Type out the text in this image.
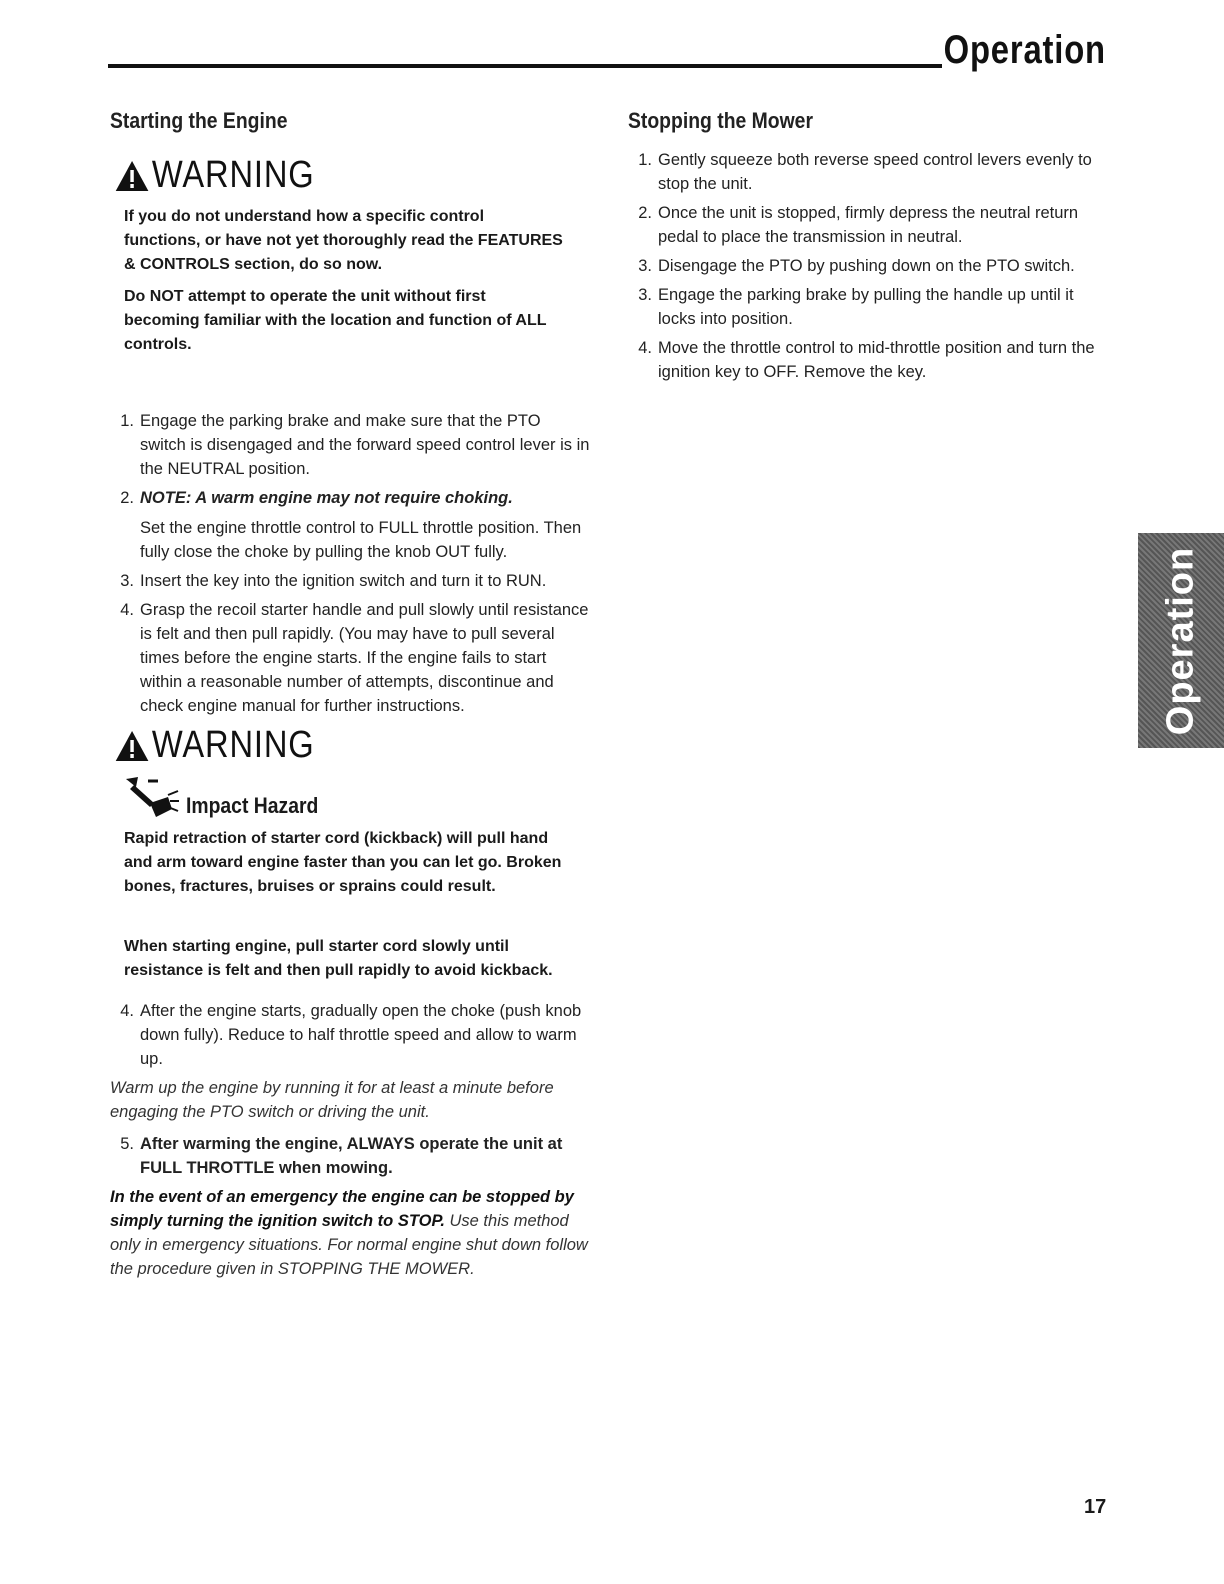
Operation
Starting the Engine
WARNING

If you do not understand how a specific control functions, or have not yet thoroughly read the FEATURES & CONTROLS section, do so now.

Do NOT attempt to operate the unit without first becoming familiar with the location and function of ALL controls.

1. Engage the parking brake and make sure that the PTO switch is disengaged and the forward speed control lever is in the NEUTRAL position.
2. NOTE: A warm engine may not require choking.

Set the engine throttle control to FULL throttle position. Then fully close the choke by pulling the knob OUT fully.

3. Insert the key into the ignition switch and turn it to RUN.
4. Grasp the recoil starter handle and pull slowly until resistance is felt and then pull rapidly. (You may have to pull several times before the engine starts. If the engine fails to start within a reasonable number of attempts, discontinue and check engine manual for further instructions.
WARNING
Impact Hazard

Rapid retraction of starter cord (kickback) will pull hand and arm toward engine faster than you can let go. Broken bones, fractures, bruises or sprains could result.

When starting engine, pull starter cord slowly until resistance is felt and then pull rapidly to avoid kickback.

4. After the engine starts, gradually open the choke (push knob down fully). Reduce to half throttle speed and allow to warm up.

Warm up the engine by running it for at least a minute before engaging the PTO switch or driving the unit.

5. After warming the engine, ALWAYS operate the unit at FULL THROTTLE when mowing.

In the event of an emergency the engine can be stopped by simply turning the ignition switch to STOP. Use this method only in emergency situations. For normal engine shut down follow the procedure given in STOPPING THE MOWER.

Stopping the Mower
1. Gently squeeze both reverse speed control levers evenly to stop the unit.
2. Once the unit is stopped, firmly depress the neutral return pedal to place the transmission in neutral.
3. Disengage the PTO by pushing down on the PTO switch.
3. Engage the parking brake by pulling the handle up until it locks into position.
4. Move the throttle control to mid-throttle position and turn the ignition key to OFF. Remove the key.
Operation
17
